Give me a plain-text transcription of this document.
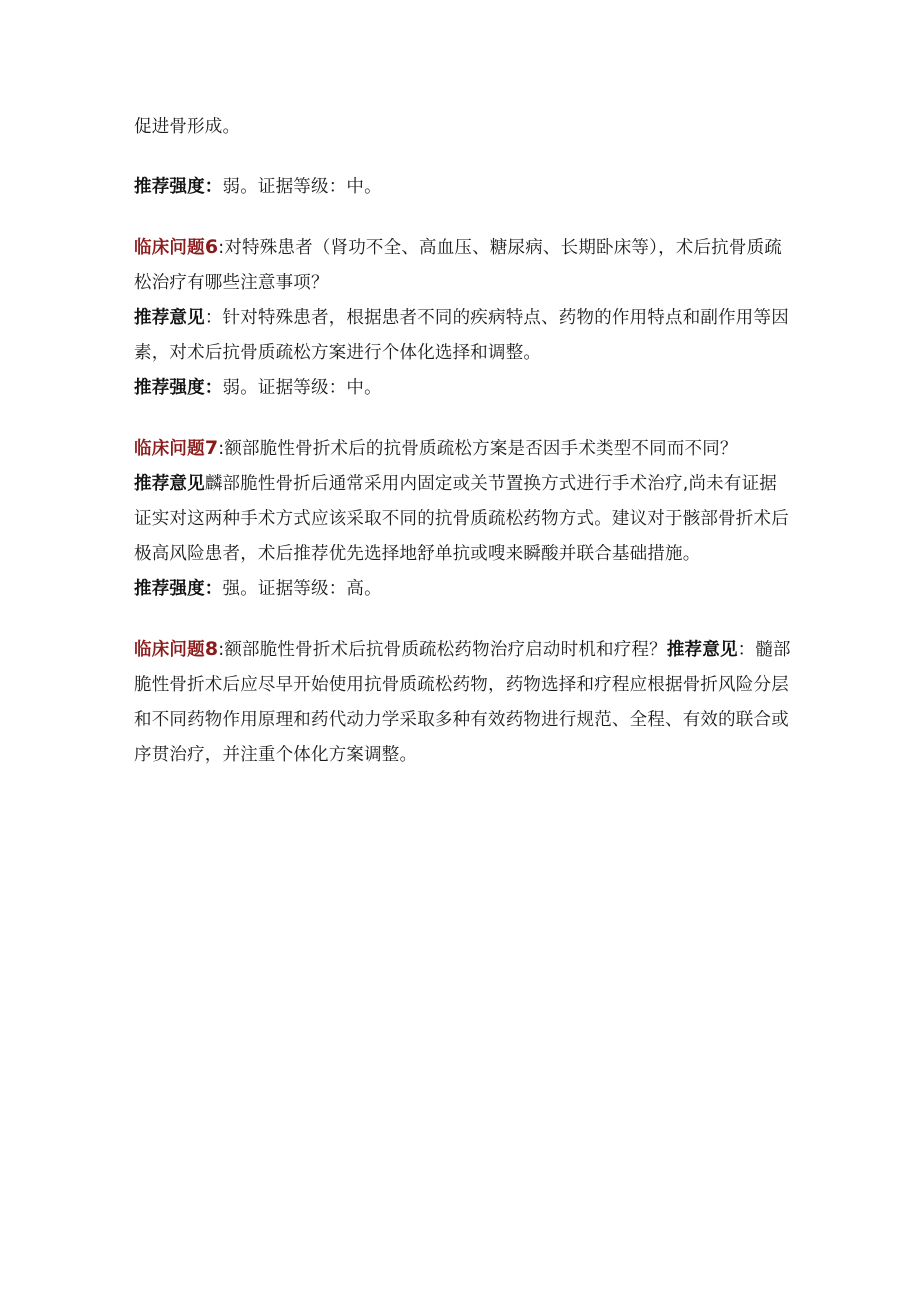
促进骨形成。

推荐强度：弱。证据等级：中。

临床问题6:对特殊患者（肾功不全、高血压、糖尿病、长期卧床等），术后抗骨质疏松治疗有哪些注意事项？

推荐意见：针对特殊患者，根据患者不同的疾病特点、药物的作用特点和副作用等因素，对术后抗骨质疏松方案进行个体化选择和调整。

推荐强度：弱。证据等级：中。

临床问题7:额部脆性骨折术后的抗骨质疏松方案是否因手术类型不同而不同？

推荐意见麟部脆性骨折后通常采用内固定或关节置换方式进行手术治疗,尚未有证据证实对这两种手术方式应该采取不同的抗骨质疏松药物方式。建议对于骸部骨折术后极高风险患者，术后推荐优先选择地舒单抗或嗖来瞬酸并联合基础措施。

推荐强度：强。证据等级：高。

临床问题8:额部脆性骨折术后抗骨质疏松药物治疗启动时机和疗程？推荐意见：髓部脆性骨折术后应尽早开始使用抗骨质疏松药物，药物选择和疗程应根据骨折风险分层和不同药物作用原理和药代动力学采取多种有效药物进行规范、全程、有效的联合或序贯治疗，并注重个体化方案调整。
